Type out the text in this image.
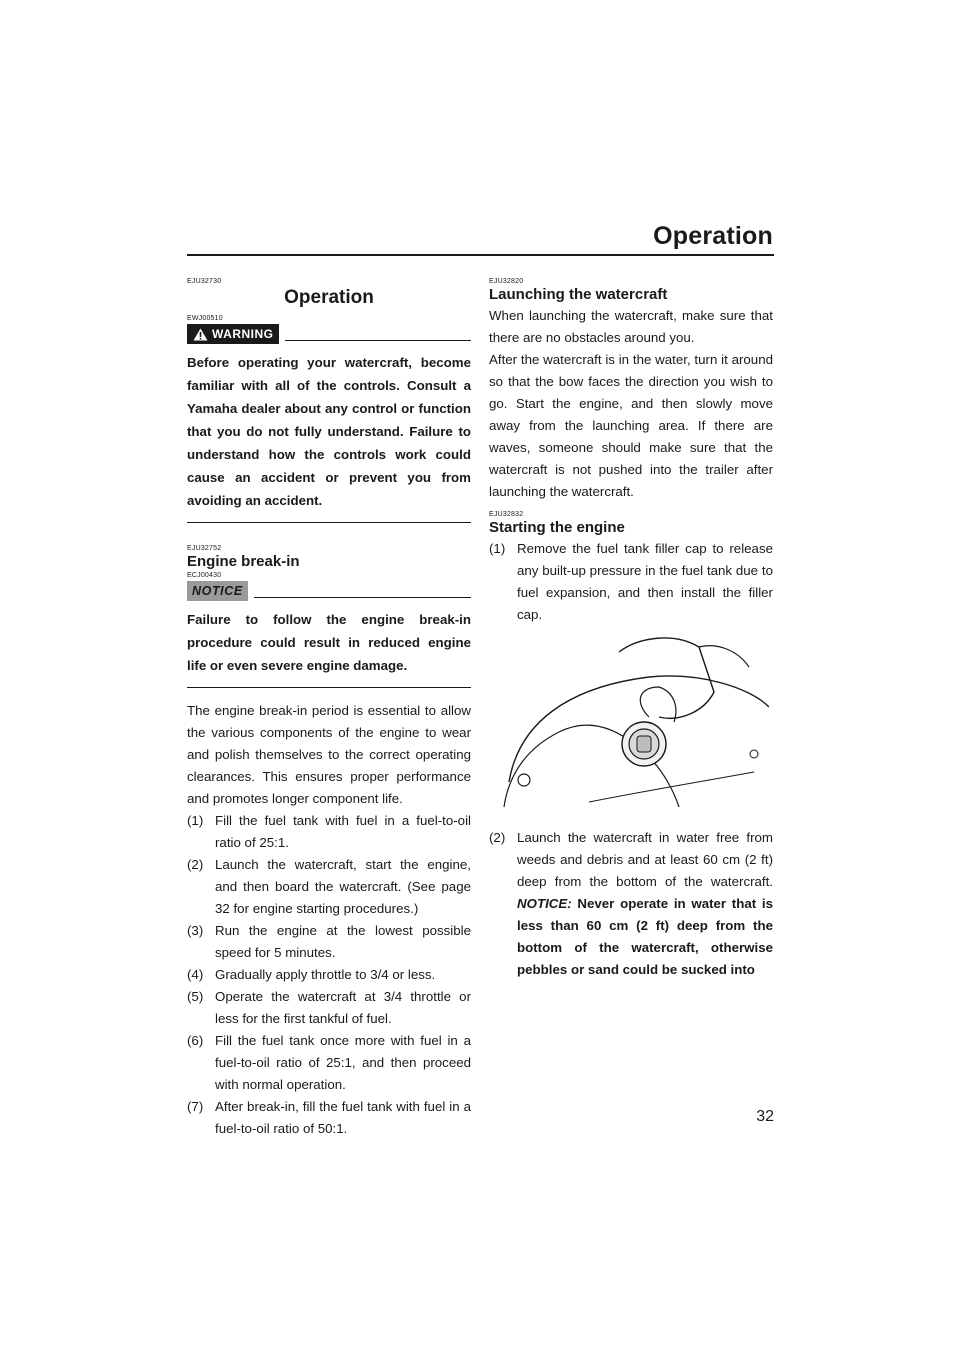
Operation
EJU32730
Operation
EWJ00510
WARNING

Before operating your watercraft, become familiar with all of the controls. Consult a Yamaha dealer about any control or function that you do not fully understand. Failure to understand how the controls work could cause an accident or prevent you from avoiding an accident.

EJU32752
Engine break-in
ECJ00430
NOTICE

Failure to follow the engine break-in procedure could result in reduced engine life or even severe engine damage.

The engine break-in period is essential to allow the various components of the engine to wear and polish themselves to the correct operating clearances. This ensures proper performance and promotes longer component life.

(1) Fill the fuel tank with fuel in a fuel-to-oil ratio of 25:1.
(2) Launch the watercraft, start the engine, and then board the watercraft. (See page 32 for engine starting procedures.)
(3) Run the engine at the lowest possible speed for 5 minutes.
(4) Gradually apply throttle to 3/4 or less.
(5) Operate the watercraft at 3/4 throttle or less for the first tankful of fuel.
(6) Fill the fuel tank once more with fuel in a fuel-to-oil ratio of 25:1, and then proceed with normal operation.
(7) After break-in, fill the fuel tank with fuel in a fuel-to-oil ratio of 50:1.
EJU32820
Launching the watercraft

When launching the watercraft, make sure that there are no obstacles around you.

After the watercraft is in the water, turn it around so that the bow faces the direction you wish to go. Start the engine, and then slowly move away from the launching area. If there are waves, someone should make sure that the watercraft is not pushed into the trailer after launching the watercraft.

EJU32832
Starting the engine
(1) Remove the fuel tank filler cap to release any built-up pressure in the fuel tank due to fuel expansion, and then install the filler cap.
(2) Launch the watercraft in water free from weeds and debris and at least 60 cm (2 ft) deep from the bottom of the watercraft. NOTICE: Never operate in water that is less than 60 cm (2 ft) deep from the bottom of the watercraft, otherwise pebbles or sand could be sucked into
32
